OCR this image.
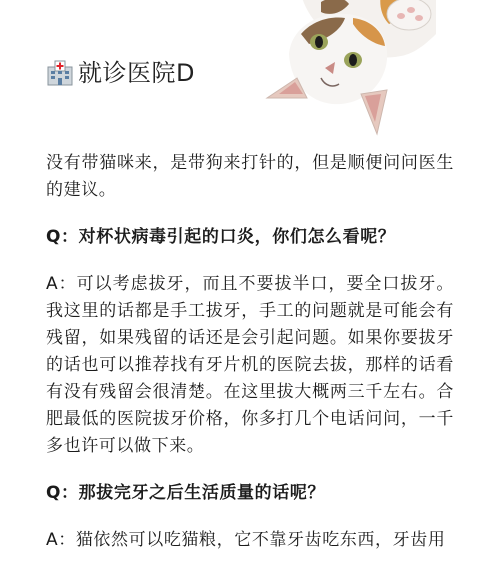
就诊医院D

没有带猫咪来，是带狗来打针的，但是顺便问问医生的建议。

Q：对杯状病毒引起的口炎，你们怎么看呢？

A：可以考虑拔牙，而且不要拔半口，要全口拔牙。我这里的话都是手工拔牙，手工的问题就是可能会有残留，如果残留的话还是会引起问题。如果你要拔牙的话也可以推荐找有牙片机的医院去拔，那样的话看有没有残留会很清楚。在这里拔大概两三千左右。合肥最低的医院拔牙价格，你多打几个电话问问，一千多也许可以做下来。

Q：那拔完牙之后生活质量的话呢？

A：猫依然可以吃猫粮，它不靠牙齿吃东西，牙齿用
